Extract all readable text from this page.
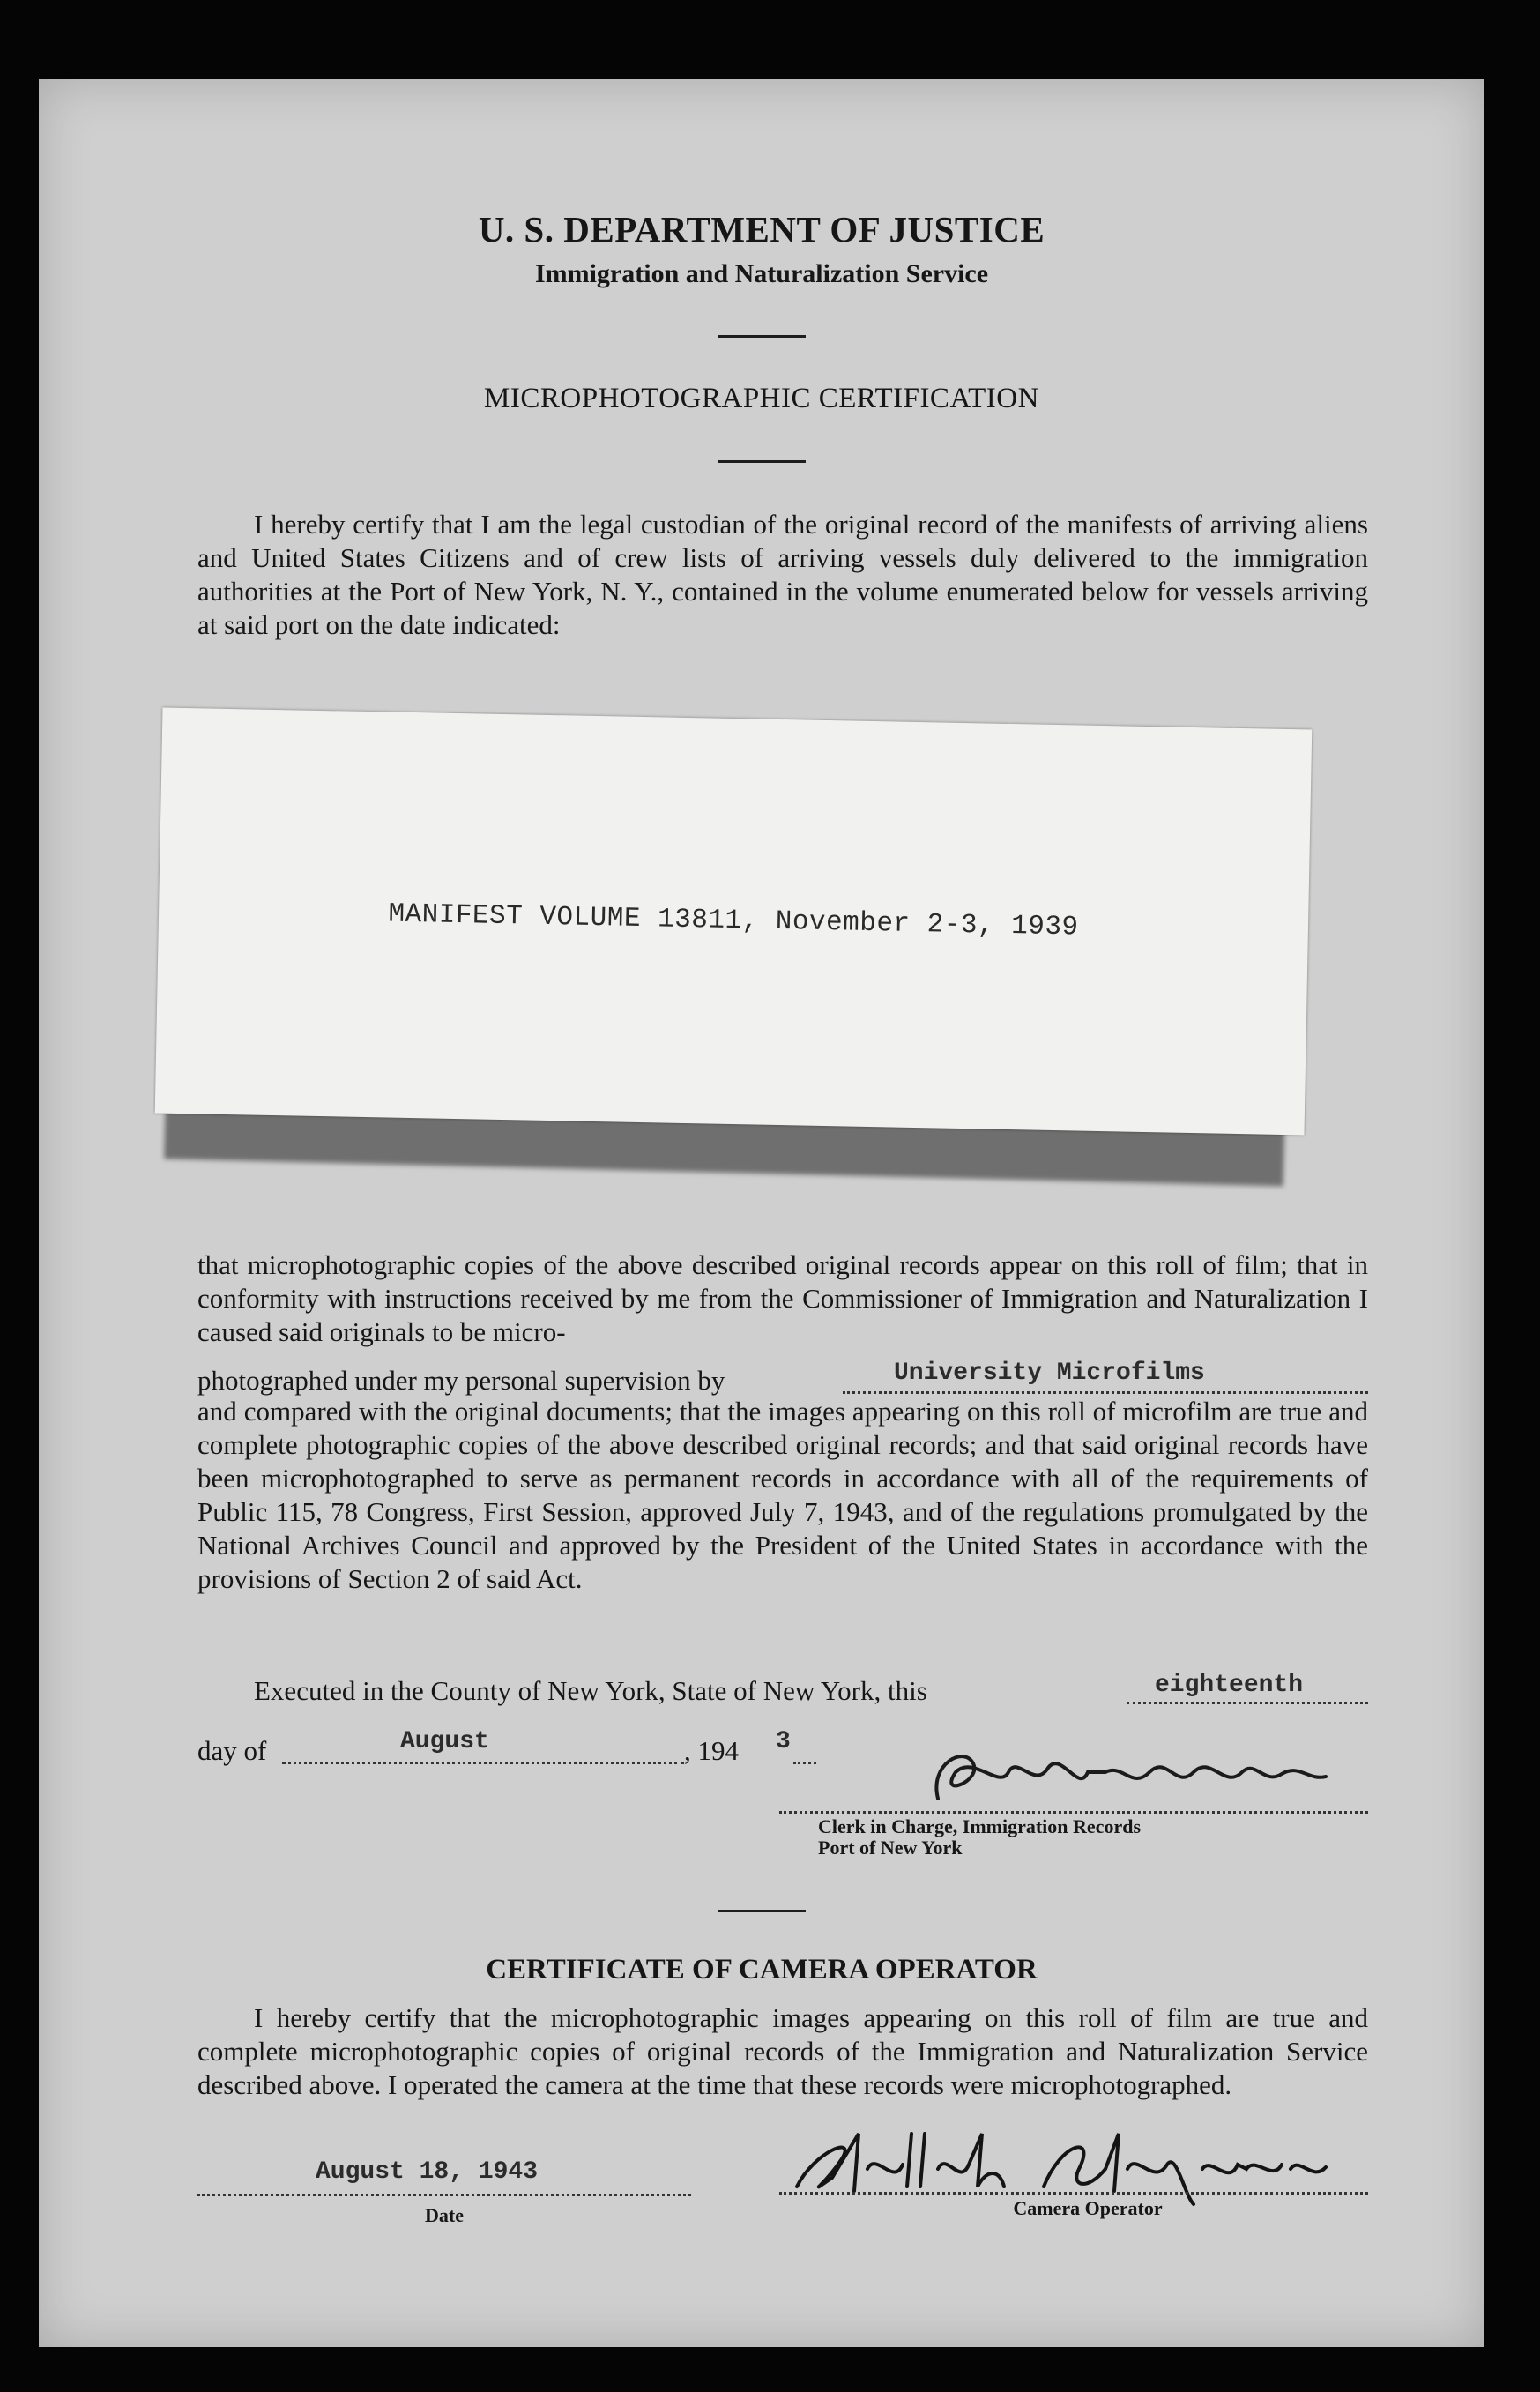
U. S. DEPARTMENT OF JUSTICE
Immigration and Naturalization Service
MICROPHOTOGRAPHIC CERTIFICATION
I hereby certify that I am the legal custodian of the original record of the manifests of arriving aliens and United States Citizens and of crew lists of arriving vessels duly delivered to the immigration authorities at the Port of New York, N. Y., contained in the volume enumerated below for vessels arriving at said port on the date indicated:
MANIFEST VOLUME 13811, November 2-3, 1939
that microphotographic copies of the above described original records appear on this roll of film; that in conformity with instructions received by me from the Commissioner of Immigration and Naturalization I caused said originals to be micro-
photographed under my personal supervision by	University Microfilms
and compared with the original documents; that the images appearing on this roll of microfilm are true and complete photographic copies of the above described original records; and that said original records have been microphotographed to serve as permanent records in accordance with all of the requirements of Public 115, 78 Congress, First Session, approved July 7, 1943, and of the regulations promulgated by the National Archives Council and approved by the President of the United States in accordance with the provisions of Section 2 of said Act.
Executed in the County of New York, State of New York, this	eighteenth
day of	August	, 194 3
Clerk in Charge, Immigration Records
Port of New York
CERTIFICATE OF CAMERA OPERATOR
I hereby certify that the microphotographic images appearing on this roll of film are true and complete microphotographic copies of original records of the Immigration and Naturalization Service described above. I operated the camera at the time that these records were microphotographed.
August 18, 1943
Date	Camera Operator
